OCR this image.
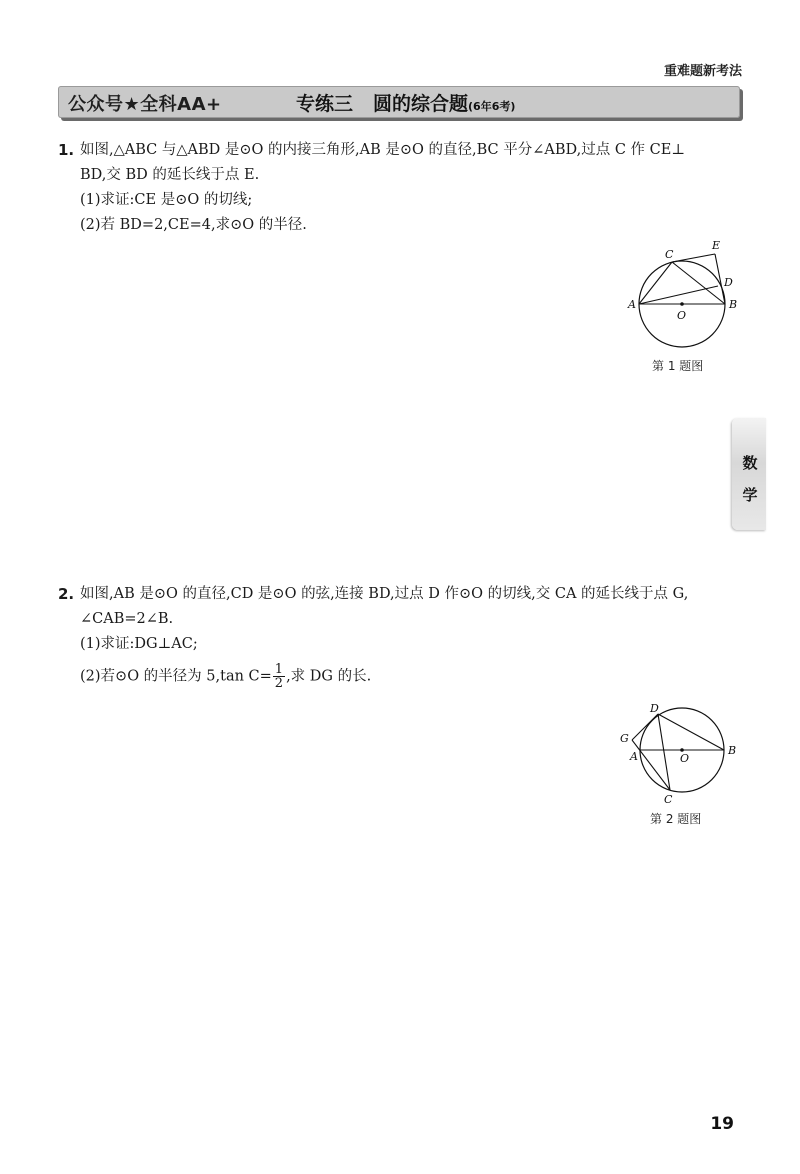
重难题新考法
公众号★全科AA+	专练三 圆的综合题(6年6考)
1. 如图,△ABC 与△ABD 是⊙O 的内接三角形,AB 是⊙O 的直径,BC 平分∠ABD,过点 C 作 CE⊥
BD,交 BD 的延长线于点 E.
(1)求证:CE 是⊙O 的切线;
(2)若 BD=2,CE=4,求⊙O 的半径.
A	B
C
D
E
O
第 1 题图
2. 如图,AB 是⊙O 的直径,CD 是⊙O 的弦,连接 BD,过点 D 作⊙O 的切线,交 CA 的延长线于点 G,
∠CAB=2∠B.
(1)求证:DG⊥AC;
(2)若⊙O 的半径为 5,tan $C= \frac{1}{2}$ ,求 DG 的长.
D
G
A	B
O
C
第 2 题图
数
学
19
